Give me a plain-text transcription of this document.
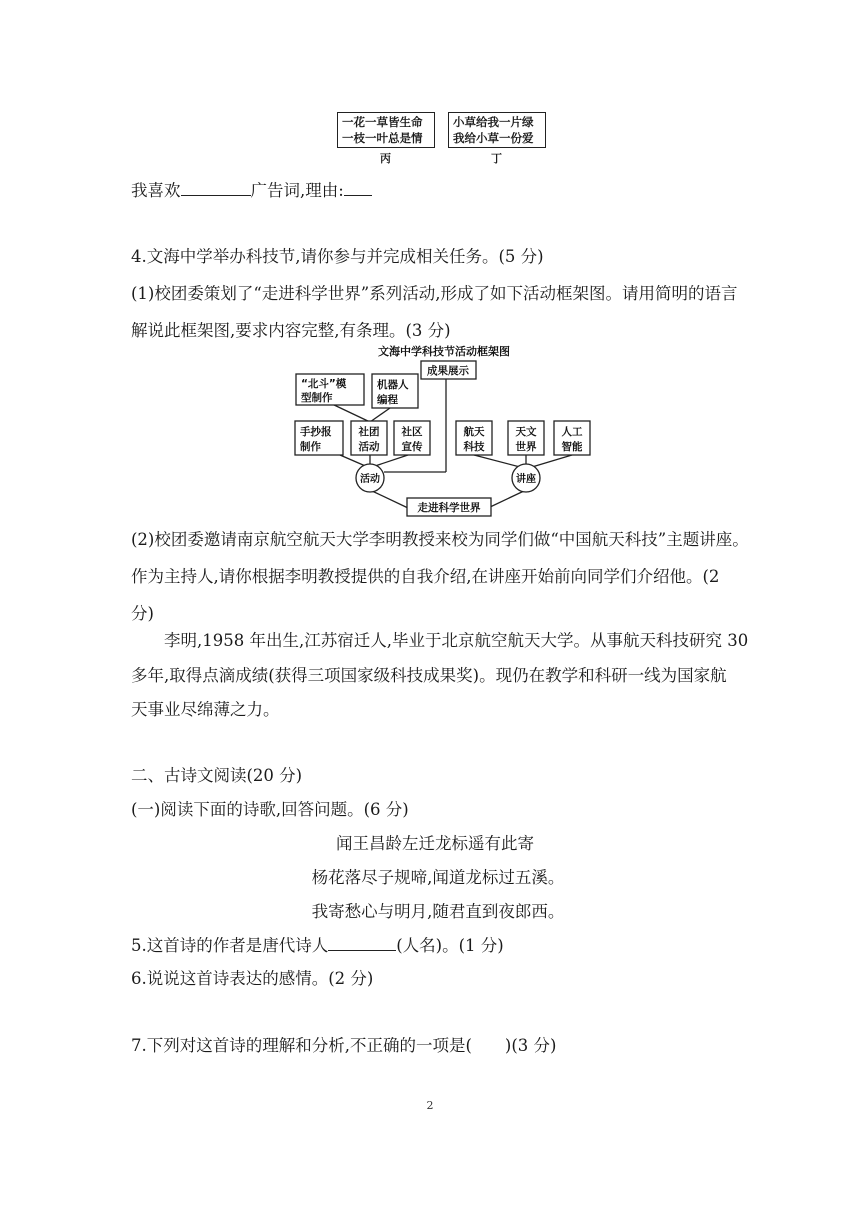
一花一草皆生命
一枝一叶总是情
丙
小草给我一片绿
我给小草一份爱
丁
我喜欢	广告词,理由:
4.文海中学举办科技节,请你参与并完成相关任务。(5 分)
(1)校团委策划了“走进科学世界”系列活动,形成了如下活动框架图。请用简明的语言
解说此框架图,要求内容完整,有条理。(3 分)
文海中学科技节活动框架图
成果展示
“北斗”模
型制作
机器人
编程
手抄报
制作
社团
活动
社区
宣传
航天
科技
天文
世界
人工
智能
活动	讲座
走进科学世界
(2)校团委邀请南京航空航天大学李明教授来校为同学们做“中国航天科技”主题讲座。
作为主持人,请你根据李明教授提供的自我介绍,在讲座开始前向同学们介绍他。(2
分)
李明,1958 年出生,江苏宿迁人,毕业于北京航空航天大学。从事航天科技研究 30
多年,取得点滴成绩(获得三项国家级科技成果奖)。现仍在教学和科研一线为国家航
天事业尽绵薄之力。
二、古诗文阅读(20 分)
(一)阅读下面的诗歌,回答问题。(6 分)
闻王昌龄左迁龙标遥有此寄
杨花落尽子规啼,闻道龙标过五溪。
我寄愁心与明月,随君直到夜郎西。
5.这首诗的作者是唐代诗人	(人名)。(1 分)
6.说说这首诗表达的感情。(2 分)
7.下列对这首诗的理解和分析,不正确的一项是(　　)(3 分)
2
